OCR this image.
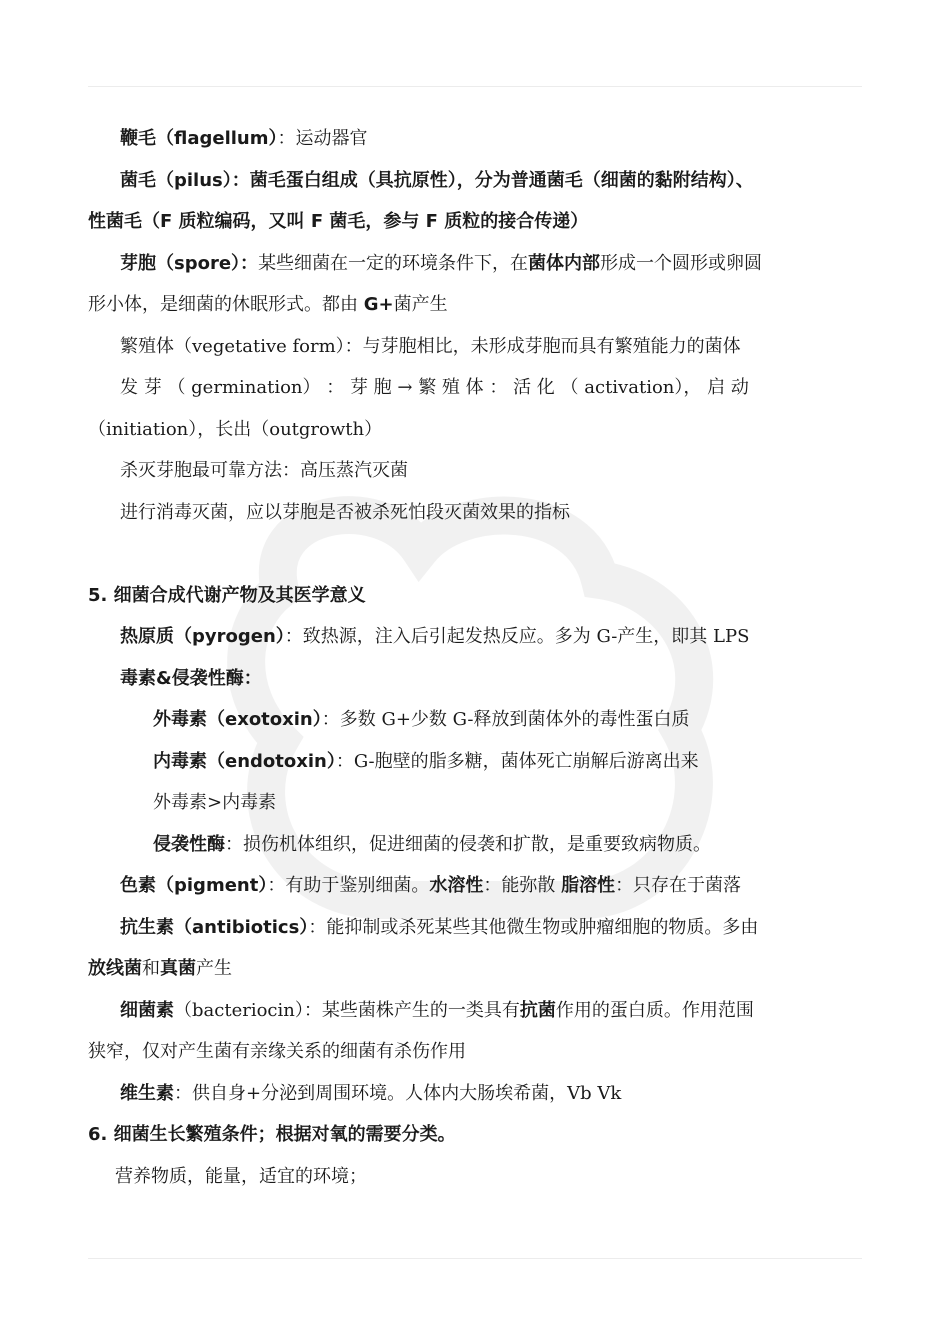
鞭毛（flagellum）：运动器官
菌毛（pilus）：菌毛蛋白组成（具抗原性），分为普通菌毛（细菌的黏附结构）、
性菌毛（F 质粒编码，又叫 F 菌毛，参与 F 质粒的接合传递）
芽胞（spore）：某些细菌在一定的环境条件下，在菌体内部形成一个圆形或卵圆
形小体，是细菌的休眠形式。都由 G+菌产生
繁殖体（vegetative form）：与芽胞相比，未形成芽胞而具有繁殖能力的菌体
发 芽 （ germination） ： 芽 胞 → 繁 殖 体 ： 活 化 （ activation）， 启 动
（initiation），长出（outgrowth）
杀灭芽胞最可靠方法：高压蒸汽灭菌
进行消毒灭菌，应以芽胞是否被杀死怕段灭菌效果的指标
5. 细菌合成代谢产物及其医学意义
热原质（pyrogen）：致热源，注入后引起发热反应。多为 G-产生，即其 LPS
毒素&侵袭性酶：
外毒素（exotoxin）：多数 G+少数 G-释放到菌体外的毒性蛋白质
内毒素（endotoxin）：G-胞壁的脂多糖，菌体死亡崩解后游离出来
外毒素>内毒素
侵袭性酶：损伤机体组织，促进细菌的侵袭和扩散，是重要致病物质。
色素（pigment）：有助于鉴别细菌。水溶性：能弥散 脂溶性：只存在于菌落
抗生素（antibiotics）：能抑制或杀死某些其他微生物或肿瘤细胞的物质。多由
放线菌和真菌产生
细菌素（bacteriocin）：某些菌株产生的一类具有抗菌作用的蛋白质。作用范围
狭窄，仅对产生菌有亲缘关系的细菌有杀伤作用
维生素：供自身+分泌到周围环境。人体内大肠埃希菌，Vb Vk
6. 细菌生长繁殖条件；根据对氧的需要分类。
营养物质，能量，适宜的环境；
